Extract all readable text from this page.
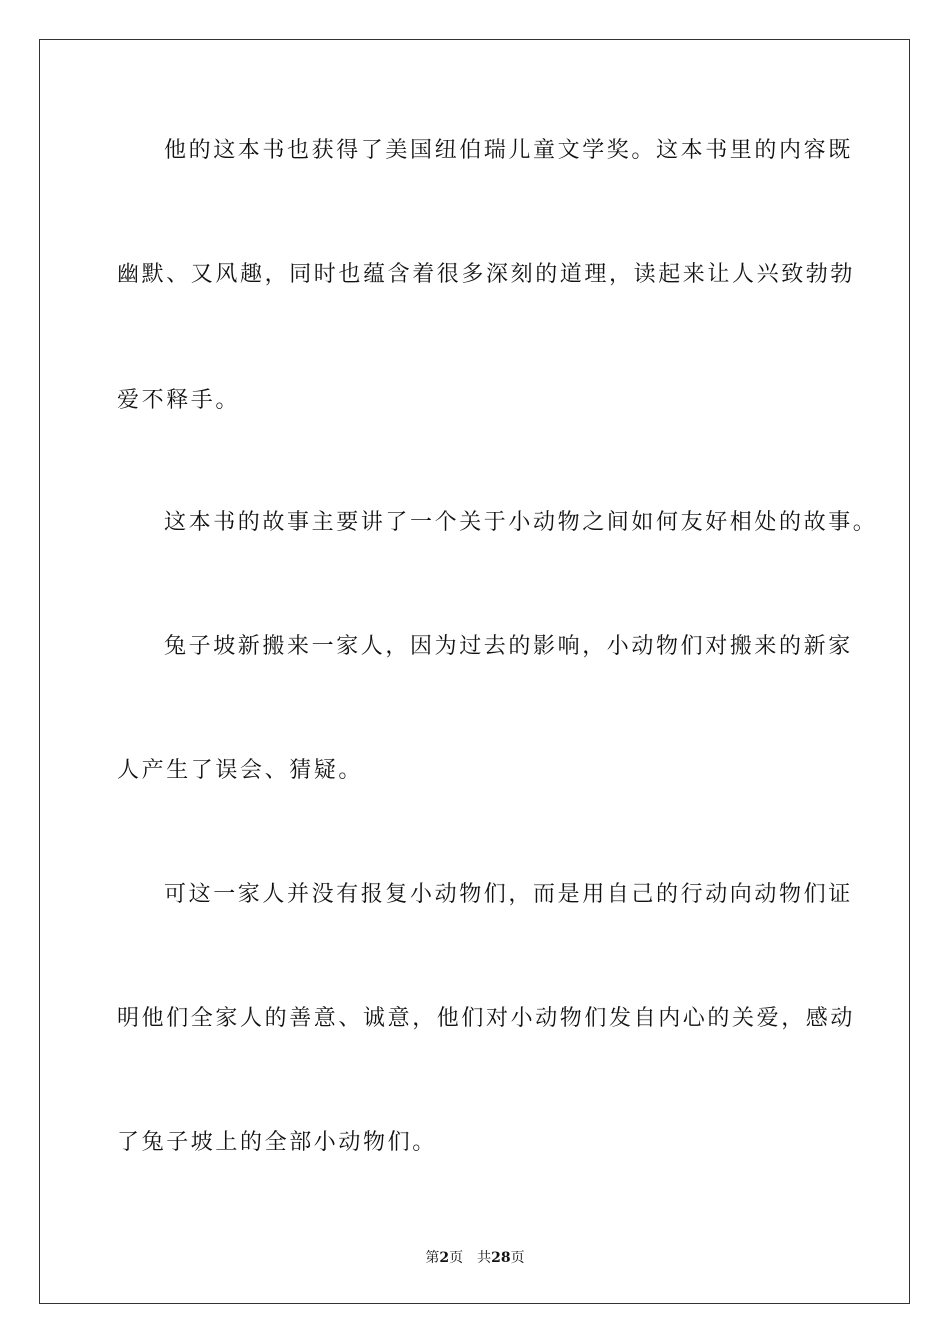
他的这本书也获得了美国纽伯瑞儿童文学奖。这本书里的内容既
幽默、又风趣，同时也蕴含着很多深刻的道理，读起来让人兴致勃勃
爱不释手。
这本书的故事主要讲了一个关于小动物之间如何友好相处的故事。
兔子坡新搬来一家人，因为过去的影响，小动物们对搬来的新家
人产生了误会、猜疑。
可这一家人并没有报复小动物们，而是用自己的行动向动物们证
明他们全家人的善意、诚意，他们对小动物们发自内心的关爱，感动
了兔子坡上的全部小动物们。
第2页 共28页
